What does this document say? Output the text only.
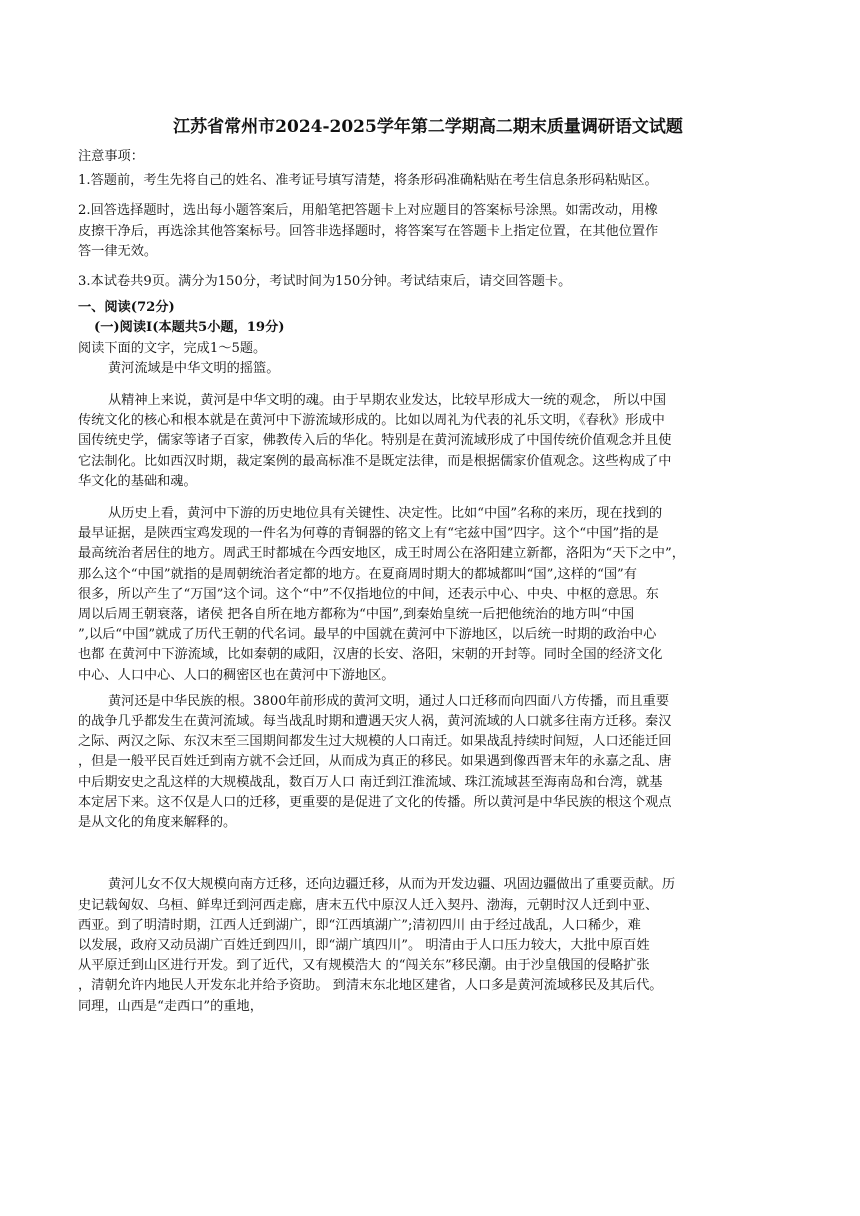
江苏省常州市2024-2025学年第二学期高二期末质量调研语文试题

注意事项：

1.答题前，考生先将自己的姓名、准考证号填写清楚，将条形码准确粘贴在考生信息条形码粘贴区。

2.回答选择题时，选出每小题答案后，用船笔把答题卡上对应题目的答案标号涂黑。如需改动，用橡

皮擦干净后，再选涂其他答案标号。回答非选择题时，将答案写在答题卡上指定位置，在其他位置作

答一律无效。

3.本试卷共9页。满分为150分，考试时间为150分钟。考试结束后，请交回答题卡。

一、阅读(72分)

(一)阅读Ⅰ(本题共5小题，19分)

阅读下面的文字，完成1～5题。

黄河流域是中华文明的摇篮。

从精神上来说，黄河是中华文明的魂。由于早期农业发达，比较早形成大一统的观念， 所以中国

传统文化的核心和根本就是在黄河中下游流域形成的。比如以周礼为代表的礼乐文明，《春秋》形成中

国传统史学，儒家等诸子百家，佛教传入后的华化。特别是在黄河流域形成了中国传统价值观念并且使

它法制化。比如西汉时期，裁定案例的最高标准不是既定法律，而是根据儒家价值观念。这些构成了中

华文化的基础和魂。

从历史上看，黄河中下游的历史地位具有关键性、决定性。比如“中国”名称的来历，现在找到的

最早证据，是陕西宝鸡发现的一件名为何尊的青铜器的铭文上有“宅兹中国”四字。这个“中国”指的是

最高统治者居住的地方。周武王时都城在今西安地区，成王时周公在洛阳建立新都，洛阳为“天下之中”，

那么这个“中国”就指的是周朝统治者定都的地方。在夏商周时期大的都城都叫“国”,这样的“国”有

很多，所以产生了“万国”这个词。这个“中”不仅指地位的中间，还表示中心、中央、中枢的意思。东

周以后周王朝衰落，诸侯 把各自所在地方都称为“中国”,到秦始皇统一后把他统治的地方叫“中国

”,以后“中国”就成了历代王朝的代名词。最早的中国就在黄河中下游地区，以后统一时期的政治中心

也都 在黄河中下游流域，比如秦朝的咸阳，汉唐的长安、洛阳，宋朝的开封等。同时全国的经济文化

中心、人口中心、人口的稠密区也在黄河中下游地区。

黄河还是中华民族的根。3800年前形成的黄河文明，通过人口迁移而向四面八方传播，而且重要

的战争几乎都发生在黄河流域。每当战乱时期和遭遇天灾人祸，黄河流域的人口就多往南方迁移。秦汉

之际、两汉之际、东汉末至三国期间都发生过大规模的人口南迁。如果战乱持续时间短，人口还能迁回

，但是一般平民百姓迁到南方就不会迁回，从而成为真正的移民。如果遇到像西晋末年的永嘉之乱、唐

中后期安史之乱这样的大规模战乱，数百万人口 南迁到江淮流域、珠江流域甚至海南岛和台湾，就基

本定居下来。这不仅是人口的迁移，更重要的是促进了文化的传播。所以黄河是中华民族的根这个观点

是从文化的角度来解释的。

黄河儿女不仅大规模向南方迁移，还向边疆迁移，从而为开发边疆、巩固边疆做出了重要贡献。历

史记载匈奴、乌桓、鲜卑迁到河西走廊，唐末五代中原汉人迁入契丹、渤海，元朝时汉人迁到中亚、

西亚。到了明清时期，江西人迁到湖广，即“江西填湖广”;清初四川 由于经过战乱，人口稀少，难

以发展，政府又动员湖广百姓迁到四川，即“湖广填四川”。 明清由于人口压力较大，大批中原百姓

从平原迁到山区进行开发。到了近代，又有规模浩大 的“闯关东”移民潮。由于沙皇俄国的侵略扩张

，清朝允许内地民人开发东北并给予资助。 到清末东北地区建省，人口多是黄河流域移民及其后代。

同理，山西是“走西口”的重地，
